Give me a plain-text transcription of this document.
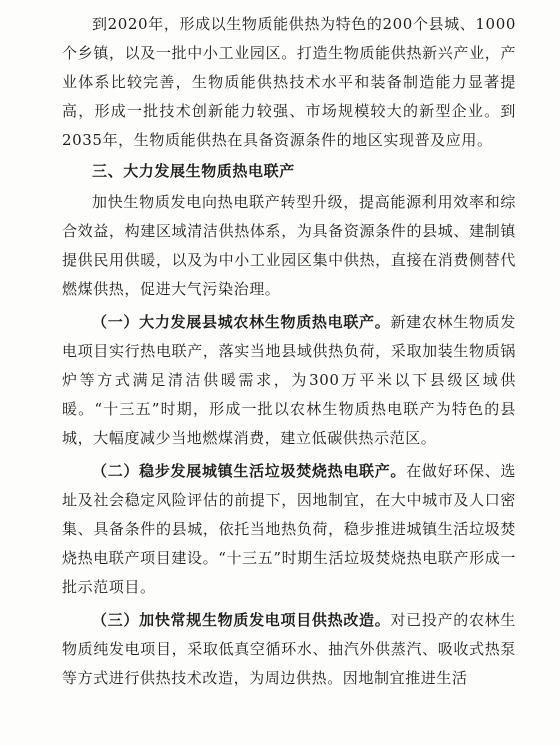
到2020年，形成以生物质能供热为特色的200个县城、1000个乡镇，以及一批中小工业园区。打造生物质能供热新兴产业，产业体系比较完善，生物质能供热技术水平和装备制造能力显著提高，形成一批技术创新能力较强、市场规模较大的新型企业。到2035年，生物质能供热在具备资源条件的地区实现普及应用。

三、大力发展生物质热电联产

加快生物质发电向热电联产转型升级，提高能源利用效率和综合效益，构建区域清洁供热体系，为具备资源条件的县城、建制镇提供民用供暖，以及为中小工业园区集中供热，直接在消费侧替代燃煤供热，促进大气污染治理。

（一）大力发展县城农林生物质热电联产。新建农林生物质发电项目实行热电联产，落实当地县域供热负荷，采取加装生物质锅炉等方式满足清洁供暖需求，为300万平米以下县级区域供暖。“十三五”时期，形成一批以农林生物质热电联产为特色的县城，大幅度减少当地燃煤消费，建立低碳供热示范区。

（二）稳步发展城镇生活垃圾焚烧热电联产。在做好环保、选址及社会稳定风险评估的前提下，因地制宜，在大中城市及人口密集、具备条件的县城，依托当地热负荷，稳步推进城镇生活垃圾焚烧热电联产项目建设。“十三五”时期生活垃圾焚烧热电联产形成一批示范项目。

（三）加快常规生物质发电项目供热改造。对已投产的农林生物质纯发电项目，采取低真空循环水、抽汽外供蒸汽、吸收式热泵等方式进行供热技术改造，为周边供热。因地制宜推进生活
